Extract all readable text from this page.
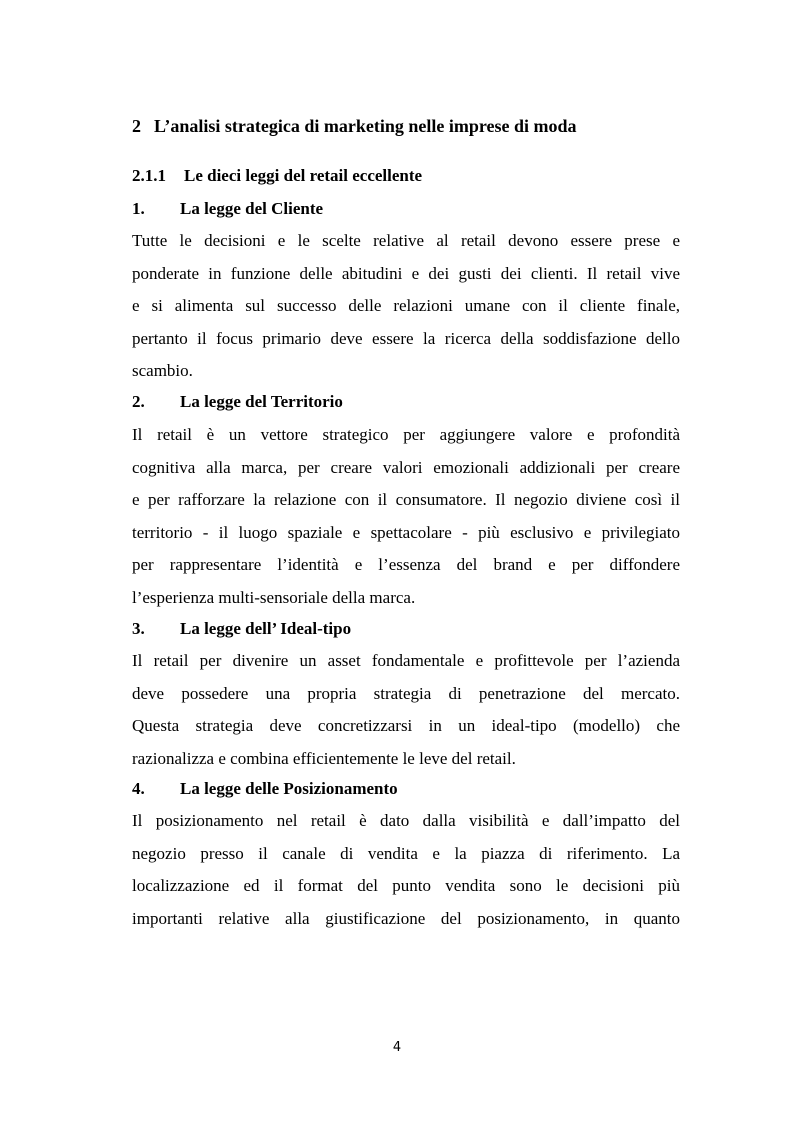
2 L’analisi strategica di marketing nelle imprese di moda
2.1.1 Le dieci leggi del retail eccellente
1. La legge del Cliente
Tutte le decisioni e le scelte relative al retail devono essere prese e
ponderate in funzione delle abitudini e dei gusti dei clienti. Il retail vive
e si alimenta sul successo delle relazioni umane con il cliente finale,
pertanto il focus primario deve essere la ricerca della soddisfazione dello
scambio.
2. La legge del Territorio
Il retail è un vettore strategico per aggiungere valore e profondità
cognitiva alla marca, per creare valori emozionali addizionali per creare
e per rafforzare la relazione con il consumatore. Il negozio diviene così il
territorio - il luogo spaziale e spettacolare - più esclusivo e privilegiato
per rappresentare l’identità e l’essenza del brand e per diffondere
l’esperienza multi-sensoriale della marca.
3. La legge dell’ Ideal-tipo
Il retail per divenire un asset fondamentale e profittevole per l’azienda
deve possedere una propria strategia di penetrazione del mercato.
Questa strategia deve concretizzarsi in un ideal-tipo (modello) che
razionalizza e combina efficientemente le leve del retail.
4. La legge delle Posizionamento
Il posizionamento nel retail è dato dalla visibilità e dall’impatto del
negozio presso il canale di vendita e la piazza di riferimento. La
localizzazione ed il format del punto vendita sono le decisioni più
importanti relative alla giustificazione del posizionamento, in quanto
4
